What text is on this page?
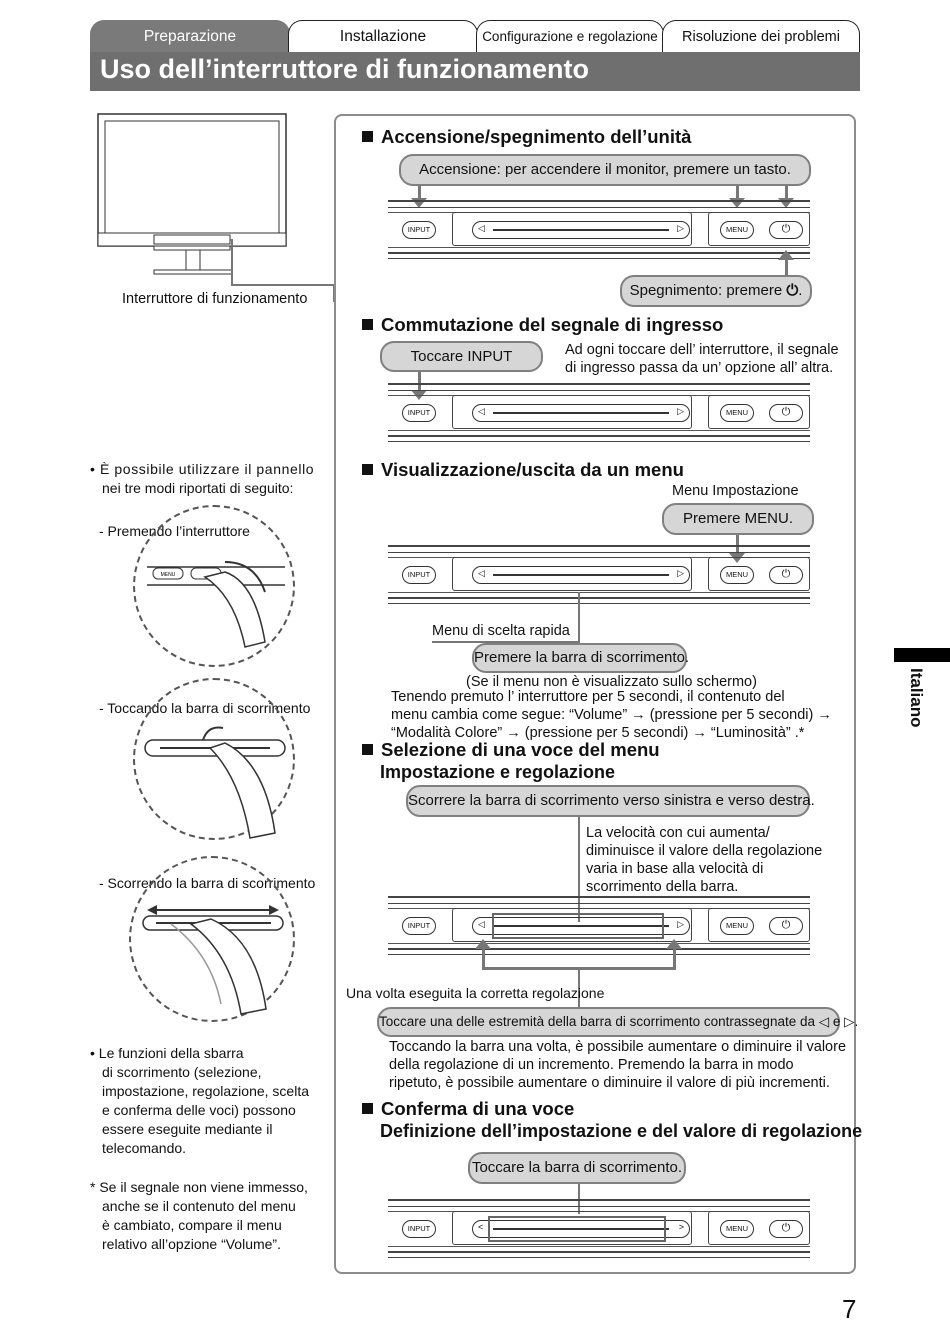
Preparazione	Installazione	Configurazione e regolazione	Risoluzione dei problemi
Uso dell’interruttore di funzionamento
Interruttore di funzionamento
Accensione/spegnimento dell’unità
Accensione: per accendere il monitor, premere un tasto.
INPUT	◁	▷	MENU	⏻
Spegnimento: premere ⏻.
Commutazione del segnale di ingresso
Toccare INPUT	Ad ogni toccare dell’ interruttore, il segnale
di ingresso passa da un’ opzione all’ altra.
INPUT	◁	▷	MENU	⏻
Visualizzazione/uscita da un menu
Menu Impostazione
Premere MENU.
INPUT	◁	▷	MENU	⏻
Menu di scelta rapida
Premere la barra di scorrimento.
(Se il menu non è visualizzato sullo schermo)
Tenendo premuto l’ interruttore per 5 secondi, il contenuto del
menu cambia come segue: “Volume” → (pressione per 5 secondi) →
“Modalità Colore” → (pressione per 5 secondi) → “Luminosità” .*
Selezione di una voce del menu
Impostazione e regolazione
Scorrere la barra di scorrimento verso sinistra e verso destra.
La velocità con cui aumenta/
diminuisce il valore della regolazione
varia in base alla velocità di
scorrimento della barra.
INPUT	◁	▷	MENU	⏻
Una volta eseguita la corretta regolazione
Toccare una delle estremità della barra di scorrimento contrassegnate da ◁ e ▷.
Toccando la barra una volta, è possibile aumentare o diminuire il valore
della regolazione di un incremento. Premendo la barra in modo
ripetuto, è possibile aumentare o diminuire il valore di più incrementi.
Conferma di una voce
Definizione dell’impostazione e del valore di regolazione
Toccare la barra di scorrimento.
INPUT	<	>	MENU	⏻
• È possibile utilizzare il pannello
nei tre modi riportati di seguito:
- Premendo l’interruttore
MENU
- Toccando la barra di scorrimento
- Scorrendo la barra di scorrimento
• Le funzioni della sbarra
di scorrimento (selezione,
impostazione, regolazione, scelta
e conferma delle voci) possono
essere eseguite mediante il
telecomando.
* Se il segnale non viene immesso,
anche se il contenuto del menu
è cambiato, compare il menu
relativo all’opzione “Volume”.
Italiano
7
